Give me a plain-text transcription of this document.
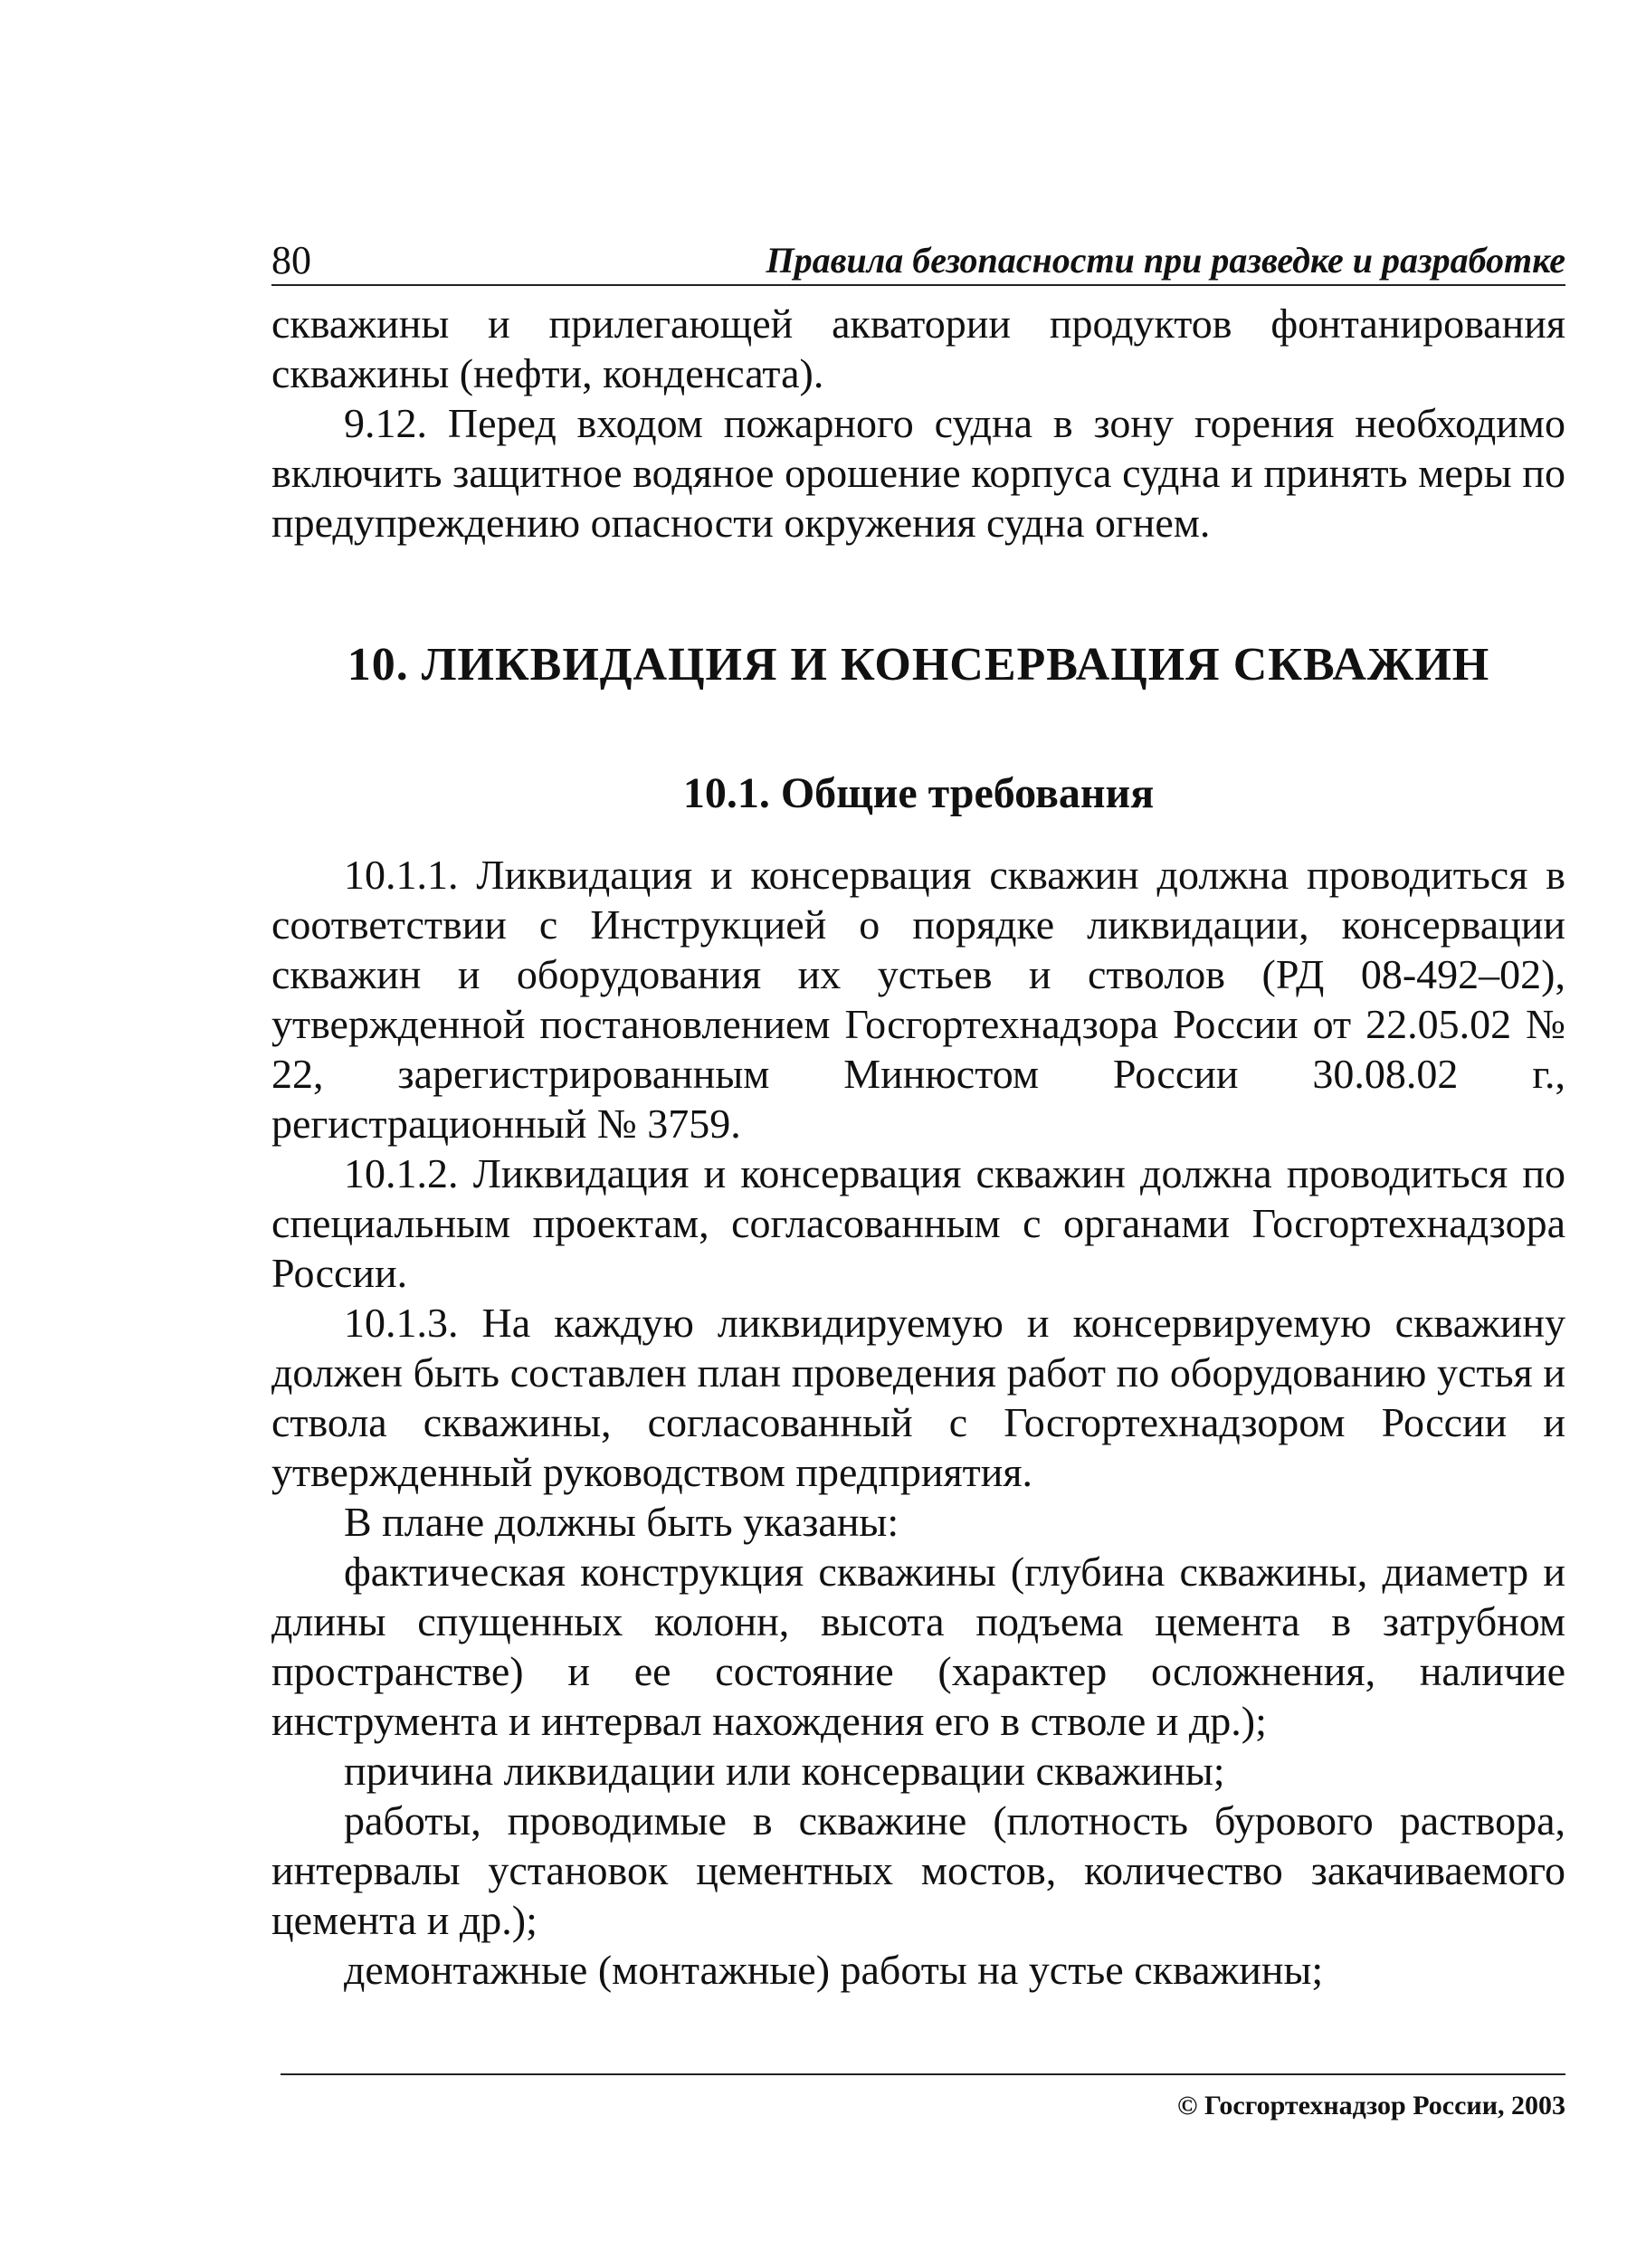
80	Правила безопасности при разведке и разработке

скважины и прилегающей акватории продуктов фонтанирования скважины (нефти, конденсата).

9.12. Перед входом пожарного судна в зону горения необходимо включить защитное водяное орошение корпуса судна и принять меры по предупреждению опасности окружения судна огнем.

10. ЛИКВИДАЦИЯ И КОНСЕРВАЦИЯ СКВАЖИН
10.1. Общие требования

10.1.1. Ликвидация и консервация скважин должна проводиться в соответствии с Инструкцией о порядке ликвидации, консервации скважин и оборудования их устьев и стволов (РД 08-492–02), утвержденной постановлением Госгортехнадзора России от 22.05.02 № 22, зарегистрированным Минюстом России 30.08.02 г., регистрационный № 3759.

10.1.2. Ликвидация и консервация скважин должна проводиться по специальным проектам, согласованным с органами Госгортехнадзора России.

10.1.3. На каждую ликвидируемую и консервируемую скважину должен быть составлен план проведения работ по оборудованию устья и ствола скважины, согласованный с Госгортехнадзором России и утвержденный руководством предприятия.

В плане должны быть указаны:

фактическая конструкция скважины (глубина скважины, диаметр и длины спущенных колонн, высота подъема цемента в затрубном пространстве) и ее состояние (характер осложнения, наличие инструмента и интервал нахождения его в стволе и др.);

причина ликвидации или консервации скважины;

работы, проводимые в скважине (плотность бурового раствора, интервалы установок цементных мостов, количество закачиваемого цемента и др.);

демонтажные (монтажные) работы на устье скважины;

© Госгортехнадзор России, 2003
